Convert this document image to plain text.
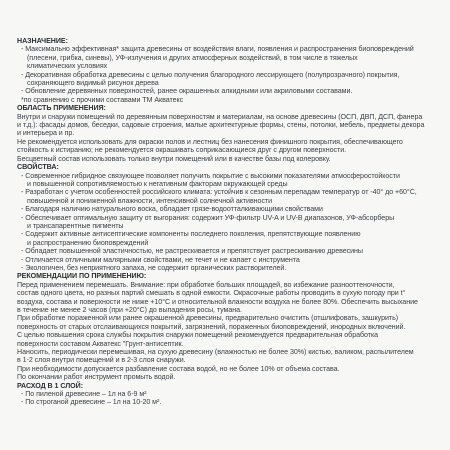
НАЗНАЧЕНИЕ:
- Максимально эффективная* защита древесины от воздействия влаги, появления и распространения биоповреждений
(плесени, грибка, синевы), УФ-излучения и других атмосферных воздействий, в том числе в тяжелых
климатических условиях
- Декоративная обработка древесины с целью получения благородного лессирующего (полупрозрачного) покрытия,
сохраняющего видимый рисунок дерева
- Обновление деревянных поверхностей, ранее окрашенных алкидными или акриловыми составами.
*по сравнению с прочими составами ТМ Акватекс
ОБЛАСТЬ ПРИМЕНЕНИЯ:
Внутри и снаружи помещений по деревянным поверхностям и материалам, на основе древесины (ОСП, ДВП, ДСП, фанера
и т.д.): фасады домов, беседки, садовые строения, малые архитектурные формы, стены, потолки, мебель, предметы декора
и интерьера и пр.
Не рекомендуется использовать для окраски полов и лестниц без нанесения финишного покрытия, обеспечивающего
стойкость к истиранию; не рекомендуется окрашивать соприкасающиеся друг с другом поверхности.
Бесцветный состав использовать только внутри помещений или в качестве базы под колеровку.
СВОЙСТВА:
- Современное гибридное связующее позволяет получить покрытие с высокими показателями атмосферостойкости
и повышенной сопротивляемостью к негативным факторам окружающей среды
- Разработан с учетом особенностей российского климата: устойчив к сезонным перепадам температур от -40° до +60°С,
повышенной и пониженной влажности, интенсивной солнечной активности
- Благодаря наличию натурального воска, обладает грязе-водоотталкивающими свойствами
- Обеспечивает оптимальную защиту от выгорания: содержит УФ-фильтр UV-A и UV-B диапазонов, УФ-абсорберы
и трансапарентные пигменты
- Содержит активные антисептические компоненты последнего поколения, препятствующие появлению
и распространению биоповреждений
- Обладает повышенной эластичностью, не растрескивается и препятствует растрескиванию древесины
- Отличается отличными малярными свойствами, не течет и не капает с инструмента
- Экологичен, без неприятного запаха, не содержит органических растворителей.
РЕКОМЕНДАЦИИ ПО ПРИМЕНЕНИЮ:
Перед применением перемешать. Внимание: при обработке больших площадей, во избежание разнооттеночности,
состав одного цвета, но разных партий смешать в одной емкости. Окрасочные работы проводить в сухую погоду при t°
воздуха, состава и поверхности не ниже +10°С и относительной влажности воздуха не более 80%. Обеспечить высыхание
в течение не менее 2 часов (при +20°С) до выпадения росы, тумана.
При обработке пораженной или ранее окрашенной древесины, предварительно очистить (отшлифовать, зашкурить)
поверхность от старых отслаивающихся покрытий, загрязнений, пораженных биоповреждений, инородных включений.
С целью повышения срока службы покрытия снаружи помещений рекомендуется предварительная обработка
поверхности составом Акватекс "Грунт-антисептик.
Наносить, периодически перемешивая, на сухую древесину (влажностью не более 30%) кистью, валиком, распылителем
в 1-2 слоя внутри помещений и в 2-3 слоя снаружи.
При необходимости допускается разбавление состава водой, но не более 10% от объема состава.
По окончании работ инструмент промыть водой.
РАСХОД В 1 СЛОЙ:
- По пиленой древесине – 1л на 6-9 м²
- По строганой древесине – 1л на 10-20 м².
